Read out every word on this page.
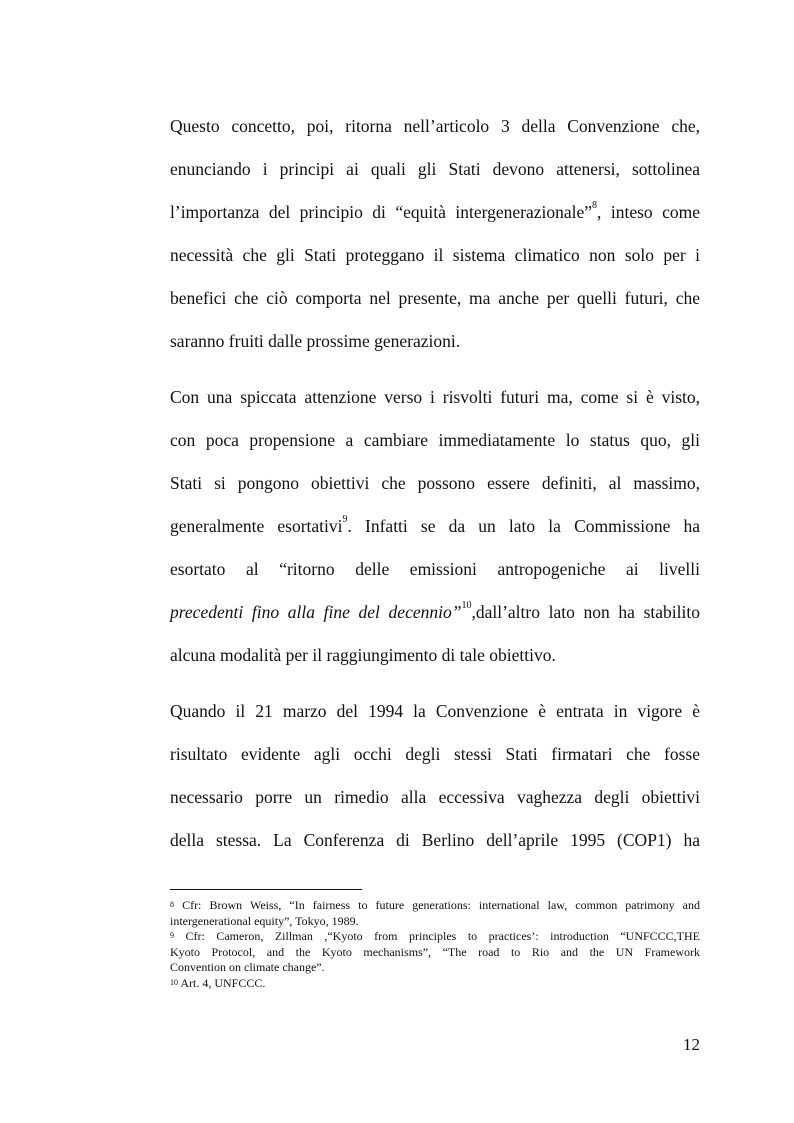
Questo concetto, poi, ritorna nell’articolo 3 della Convenzione che,
enunciando i principi ai quali gli Stati devono attenersi, sottolinea
l’importanza del principio di “equità intergenerazionale”$^8$, inteso come
necessità che gli Stati proteggano il sistema climatico non solo per i
benefici che ciò comporta nel presente, ma anche per quelli futuri, che
saranno fruiti dalle prossime generazioni.
Con una spiccata attenzione verso i risvolti futuri ma, come si è visto,
con poca propensione a cambiare immediatamente lo status quo, gli
Stati si pongono obiettivi che possono essere definiti, al massimo,
generalmente esortativi$^9$. Infatti se da un lato la Commissione ha
esortato al “ritorno delle emissioni antropogeniche ai livelli
precedenti fino alla fine del decennio”$^{10}$,dall’altro lato non ha stabilito
alcuna modalità per il raggiungimento di tale obiettivo.
Quando il 21 marzo del 1994 la Convenzione è entrata in vigore è
risultato evidente agli occhi degli stessi Stati firmatari che fosse
necessario porre un rimedio alla eccessiva vaghezza degli obiettivi
della stessa. La Conferenza di Berlino dell’aprile 1995 (COP1) ha
$^8$ Cfr: Brown Weiss, “In fairness to future generations: international law, common patrimony and
intergenerational equity”, Tokyo, 1989.
$^9$ Cfr: Cameron, Zillman ,“Kyoto from principles to practices’: introduction “UNFCCC,THE
Kyoto Protocol, and the Kyoto mechanisms”, “The road to Rio and the UN Framework
Convention on climate change”.
$^{10}$ Art. 4, UNFCCC.
12
